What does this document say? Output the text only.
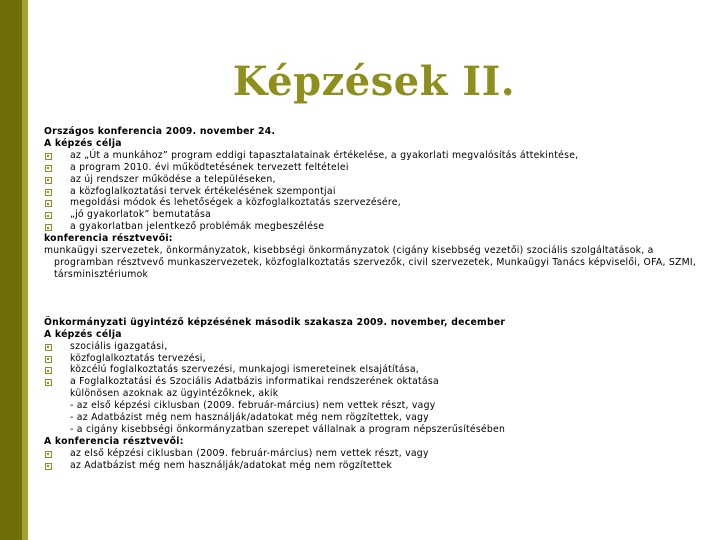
Képzések II.
Országos konferencia 2009. november 24.
A képzés célja
az „Út a munkához” program eddigi tapasztalatainak értékelése, a gyakorlati megvalósítás áttekintése,
a program 2010. évi működtetésének tervezett feltételei
az új rendszer működése a településeken,
a közfoglalkoztatási tervek értékelésének szempontjai
megoldási módok és lehetőségek a közfoglalkoztatás szervezésére,
„jó gyakorlatok” bemutatása
a gyakorlatban jelentkező problémák megbeszélése
konferencia résztvevői:
munkaügyi szervezetek, önkormányzatok, kisebbségi önkormányzatok (cigány kisebbség vezetői) szociális szolgáltatások, a programban résztvevő munkaszervezetek, közfoglalkoztatás szervezők, civil szervezetek, Munkaügyi Tanács képviselői, OFA, SZMI, társminisztériumok
Önkormányzati ügyintéző képzésének második szakasza 2009. november, december
A képzés célja
szociális igazgatási,
közfoglalkoztatás tervezési,
közcélú foglalkoztatás szervezési, munkajogi ismereteinek elsajátítása,
a Foglalkoztatási és Szociális Adatbázis informatikai rendszerének oktatása
különösen azoknak az ügyintézőknek, akik
- az első képzési ciklusban (2009. február-március) nem vettek részt, vagy
- az Adatbázist még nem használják/adatokat még nem rögzítettek, vagy
- a cigány kisebbségi önkormányzatban szerepet vállalnak a program népszerűsítésében
A konferencia résztvevői:
az első képzési ciklusban (2009. február-március) nem vettek részt, vagy
az Adatbázist még nem használják/adatokat még nem rögzítettek
